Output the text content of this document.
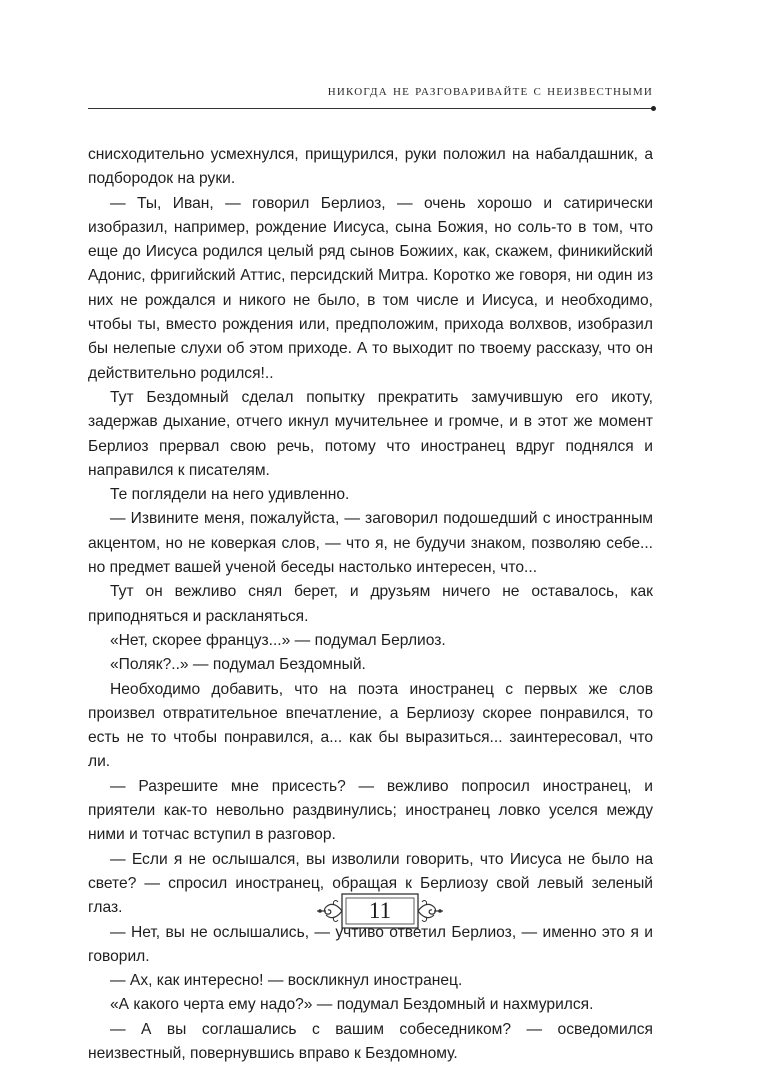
никогда не разговаривайте с неизвестными

снисходительно усмехнулся, прищурился, руки положил на набалдашник, а подбородок на руки.

— Ты, Иван, — говорил Берлиоз, — очень хорошо и сатирически изобразил, например, рождение Иисуса, сына Божия, но соль-то в том, что еще до Иисуса родился целый ряд сынов Божиих, как, скажем, финикийский Адонис, фригийский Аттис, персидский Митра. Коротко же говоря, ни один из них не рождался и никого не было, в том числе и Иисуса, и необходимо, чтобы ты, вместо рождения или, предположим, прихода волхвов, изобразил бы нелепые слухи об этом приходе. А то выходит по твоему рассказу, что он действительно родился!..

Тут Бездомный сделал попытку прекратить замучившую его икоту, задержав дыхание, отчего икнул мучительнее и громче, и в этот же момент Берлиоз прервал свою речь, потому что иностранец вдруг поднялся и направился к писателям.

Те поглядели на него удивленно.

— Извините меня, пожалуйста, — заговорил подошедший с иностранным акцентом, но не коверкая слов, — что я, не будучи знаком, позволяю себе... но предмет вашей ученой беседы настолько интересен, что...

Тут он вежливо снял берет, и друзьям ничего не оставалось, как приподняться и раскланяться.

«Нет, скорее француз...» — подумал Берлиоз.

«Поляк?..» — подумал Бездомный.

Необходимо добавить, что на поэта иностранец с первых же слов произвел отвратительное впечатление, а Берлиозу скорее понравился, то есть не то чтобы понравился, а... как бы выразиться... заинтересовал, что ли.

— Разрешите мне присесть? — вежливо попросил иностранец, и приятели как-то невольно раздвинулись; иностранец ловко уселся между ними и тотчас вступил в разговор.

— Если я не ослышался, вы изволили говорить, что Иисуса не было на свете? — спросил иностранец, обращая к Берлиозу свой левый зеленый глаз.

— Нет, вы не ослышались, — учтиво ответил Берлиоз, — именно это я и говорил.

— Ах, как интересно! — воскликнул иностранец.

«А какого черта ему надо?» — подумал Бездомный и нахмурился.

— А вы соглашались с вашим собеседником? — осведомился неизвестный, повернувшись вправо к Бездомному.

11
